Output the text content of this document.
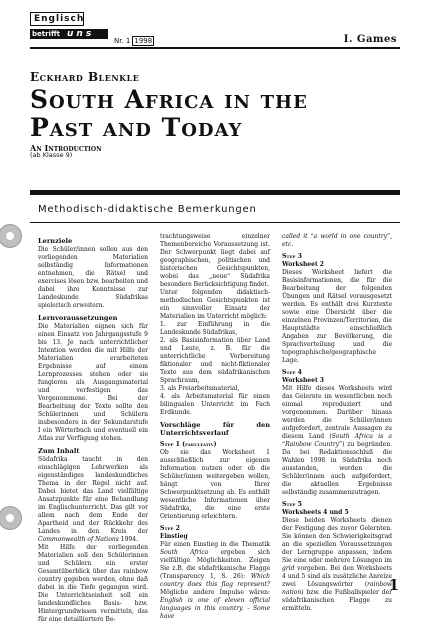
Englisch
betrifft uns
Nr. 1 1998	I. Games
Eckhard Blenkle
South Africa in the
Past and Today
An Introduction
(ab Klasse 9)
Methodisch-didaktische Bemerkungen
Lernziele

Die Schüler/innen sollen aus den vorliegenden Materialien selbständig Informationen entnehmen, die Rätsel und exercises lösen bzw. bearbeiten und dabei ihre Kenntnisse zur Landeskunde Südafrikas spielerisch erweitern.

Lernvoraussetzungen

Die Materialien eignen sich für einen Einsatz von Jahrgangsstufe 9 bis 13. Je nach unterrichtlicher Intention werden die mit Hilfe der Materialien erarbeiteten Ergebnisse auf einem Lernprozesses stehen oder sie fungieren als Ausgangsmaterial und verfestigen das Vorgenommene. Bei der Bearbeitung der Texte sollte den Schülerinnen und Schülern insbesondere in der Sekundarstufe I ein Wörterbuch und eventuell ein Atlas zur Verfügung stehen.

Zum Inhalt

Südafrika taucht in den einschlägigen Lehrwerken als eigenständiges landeskundliches Thema in der Regel nicht auf. Dabei bietet das Land vielfältige Ansatzpunkte für eine Behandlung im Englischunterricht. Das gilt vor allem nach dem Ende der Apartheid und der Rückkehr des Landes in den Kreis der Commonwealth of Nations 1994.

Mit Hilfe der vorliegenden Materialien soll den Schülerinnen und Schülern ein erster Gesamtüberblick über das rainbow country gegeben werden, ohne daß dabei in die Tiefe gegangen wird. Die Unterrichtseinheit soll ein landeskundliches Basis- bzw. Hintergrundwissen vermitteln, das für eine detailliertere Be-

trachtungsweise einzelner Themenbereiche Voraussetzung ist. Der Schwerpunkt liegt dabei auf geographischen, politischen und historischen Gesichtspunkten, wobei das „neue“ Südafrika besondere Berücksichtigung findet.

Unter folgenden didaktisch-methodischen Gesichtspunkten ist ein sinnvoller Einsatz der Materialien im Unterricht möglich:

1. zur Einführung in die Landeskunde Südafrikas,

2. als Basisinformation über Land und Leute, z. B. für die unterrichtliche Vorbereitung fiktionaler und nicht-fiktionaler Texte aus dem südafrikanischen Sprachraum,

3. als Freiarbeitsmaterial,

4. als Arbeitsmaterial für einen bilingualen Unterricht im Fach Erdkunde.

Vorschläge für den Unterrichtsverlauf
Step 1 (fakultativ)

Ob sie das Worksheet 1 ausschließlich zur eigenen Information nutzen oder ob die Schüler/innen weitergeben wollen, hängt von Ihrer Schwerpunktsetzung ab. Es enthält wesentliche Informationen über Südafrika, die eine erste Orientierung erleichtern.

Step 2
Einstieg

Für einen Einstieg in die Thematik South Africa ergeben sich vielfältige Möglichkeiten. Zeigen Sie z.B. die südafrikanische Flagge (Transparency 1, S. 26): Which country does this flag represent? Mögliche andere Impulse wären: English is one of eleven official languages in this country. - Some have

called it “a world in one country”, etc.

Step 3
Worksheet 2

Dieses Worksheet liefert die Basisinformationen, die für die Bearbeitung der folgenden Übungen und Rätsel vorausgesetzt werden. Es enthält drei Kurztexte sowie eine Übersicht über die einzelnen Provinzen/Territorien, die Hauptstädte einschließlich Angaben zur Bevölkerung, die Sprachverteilung und die topographische/geographische Lage.

Step 4
Worksheet 3

Mit Hilfe dieses Worksheets wird das Gelernte im wesentlichen noch einmal reproduziert und vorgenommen. Darüber hinaus werden die Schüler/innen aufgefordert, zentrale Aussagen zu diesem Land (South Africa is a “Rainbow Country”) zu begründen. Da bei Redaktionsschluß die Wahlen 1998 in Südafrika noch ausstanden, werden die Schüler/innen auch aufgefordert, die aktuellen Ergebnisse selbständig zusammenzutragen.

Step 5
Worksheets 4 und 5

Diese beiden Worksheets dienen der Festigung des zuvor Gelernten. Sie können den Schwierigkeitsgrad an die speziellen Voraussetzungen der Lerngruppe anpassen, indem Sie eine oder mehrere Lösungen im grid vorgeben. Bei den Worksheets 4 und 5 sind als zusätzliche Anreize zwei Lösungswörter (rainbow nation) bzw. die Fußballspieler der südafrikanischen Flagge zu ermitteln.

1
